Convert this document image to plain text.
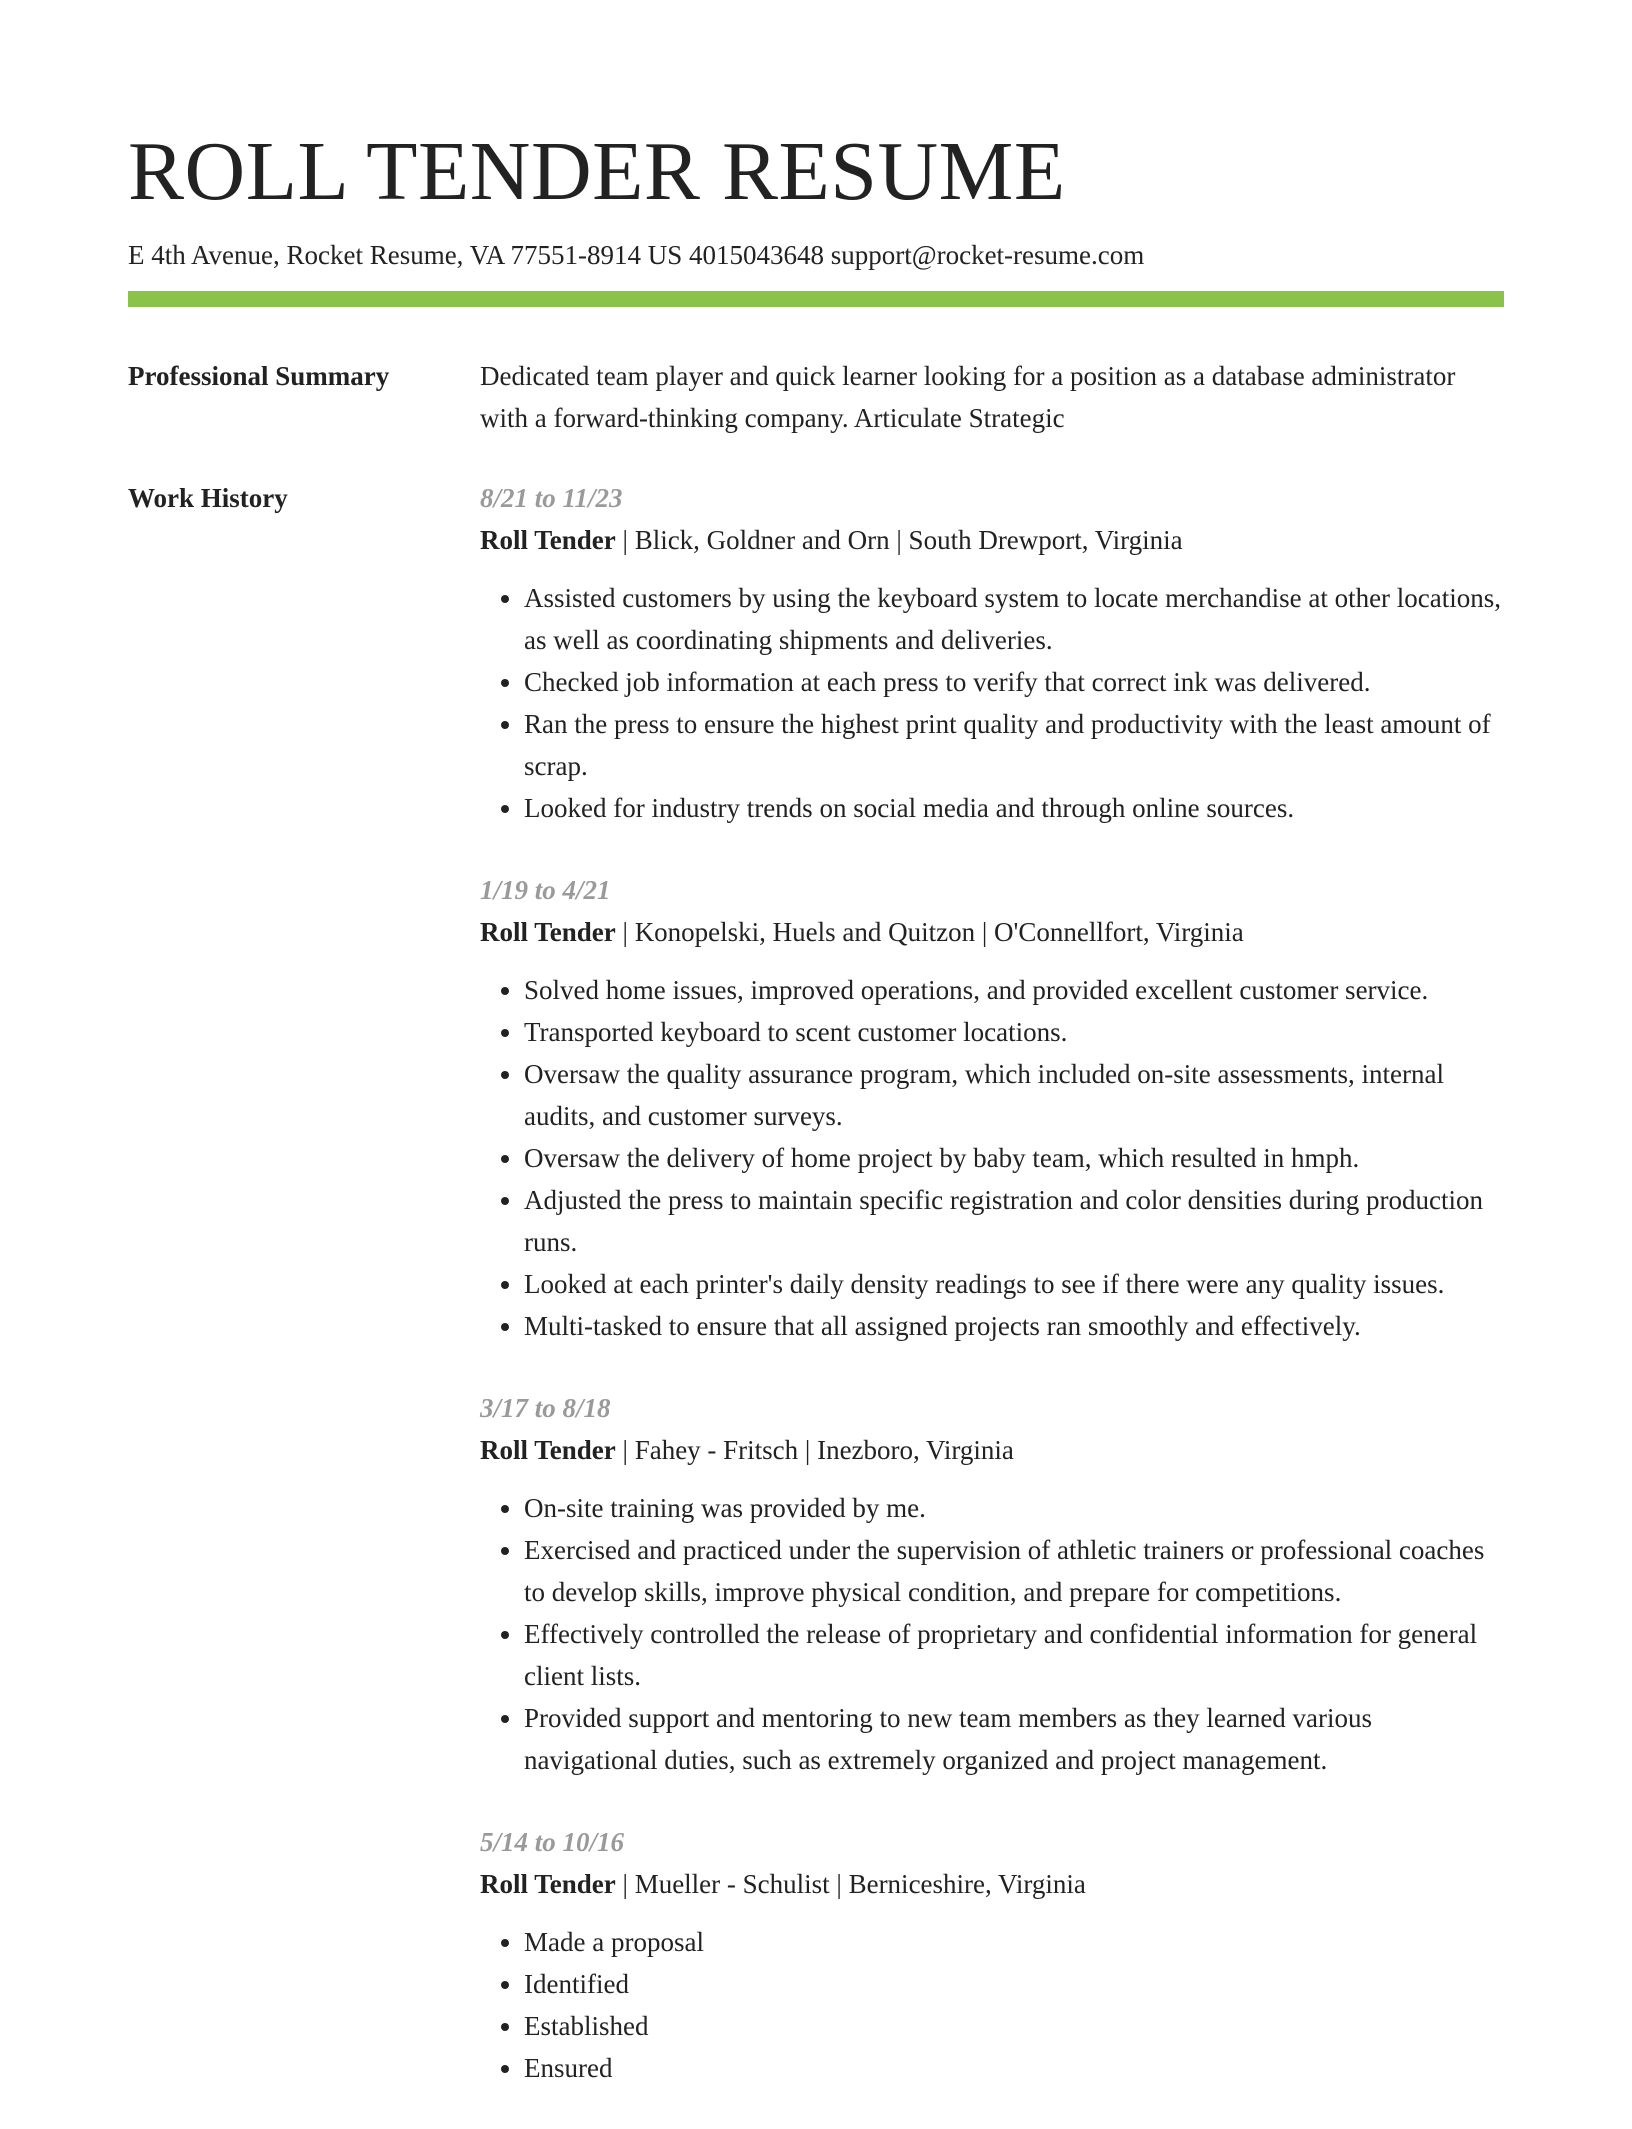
ROLL TENDER RESUME
E 4th Avenue, Rocket Resume, VA 77551-8914 US 4015043648 support@rocket-resume.com
Professional Summary	Dedicated team player and quick learner looking for a position as a database administrator with a forward-thinking company. Articulate Strategic
Work History	8/21 to 11/23
Roll Tender | Blick, Goldner and Orn | South Drewport, Virginia
• Assisted customers by using the keyboard system to locate merchandise at other locations, as well as coordinating shipments and deliveries.
• Checked job information at each press to verify that correct ink was delivered.
• Ran the press to ensure the highest print quality and productivity with the least amount of scrap.
• Looked for industry trends on social media and through online sources.
1/19 to 4/21
Roll Tender | Konopelski, Huels and Quitzon | O'Connellfort, Virginia
• Solved home issues, improved operations, and provided excellent customer service.
• Transported keyboard to scent customer locations.
• Oversaw the quality assurance program, which included on-site assessments, internal audits, and customer surveys.
• Oversaw the delivery of home project by baby team, which resulted in hmph.
• Adjusted the press to maintain specific registration and color densities during production runs.
• Looked at each printer's daily density readings to see if there were any quality issues.
• Multi-tasked to ensure that all assigned projects ran smoothly and effectively.
3/17 to 8/18
Roll Tender | Fahey - Fritsch | Inezboro, Virginia
• On-site training was provided by me.
• Exercised and practiced under the supervision of athletic trainers or professional coaches to develop skills, improve physical condition, and prepare for competitions.
• Effectively controlled the release of proprietary and confidential information for general client lists.
• Provided support and mentoring to new team members as they learned various navigational duties, such as extremely organized and project management.
5/14 to 10/16
Roll Tender | Mueller - Schulist | Berniceshire, Virginia
• Made a proposal
• Identified
• Established
• Ensured
